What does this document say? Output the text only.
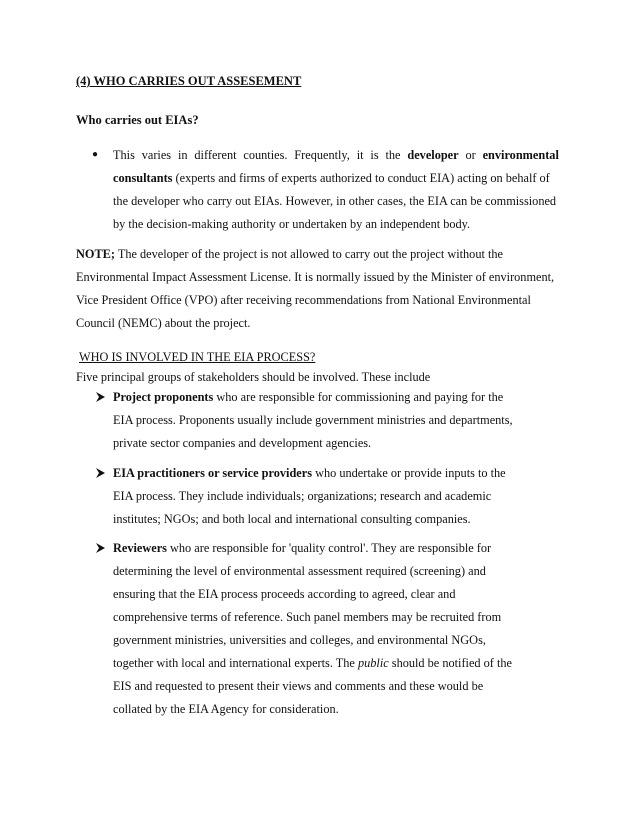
(4) WHO CARRIES OUT ASSESEMENT
Who carries out EIAs?
● This varies in different counties. Frequently, it is the developer or environmental
consultants (experts and firms of experts authorized to conduct EIA) acting on behalf of
the developer who carry out EIAs. However, in other cases, the EIA can be commissioned
by the decision-making authority or undertaken by an independent body.
NOTE; The developer of the project is not allowed to carry out the project without the
Environmental Impact Assessment License. It is normally issued by the Minister of environment,
Vice President Office (VPO) after receiving recommendations from National Environmental
Council (NEMC) about the project.
WHO IS INVOLVED IN THE EIA PROCESS?
Five principal groups of stakeholders should be involved. These include
Project proponents who are responsible for commissioning and paying for the
EIA process. Proponents usually include government ministries and departments,
private sector companies and development agencies.
EIA practitioners or service providers who undertake or provide inputs to the
EIA process. They include individuals; organizations; research and academic
institutes; NGOs; and both local and international consulting companies.
Reviewers who are responsible for 'quality control'. They are responsible for
determining the level of environmental assessment required (screening) and
ensuring that the EIA process proceeds according to agreed, clear and
comprehensive terms of reference. Such panel members may be recruited from
government ministries, universities and colleges, and environmental NGOs,
together with local and international experts. The public should be notified of the
EIS and requested to present their views and comments and these would be
collated by the EIA Agency for consideration.
